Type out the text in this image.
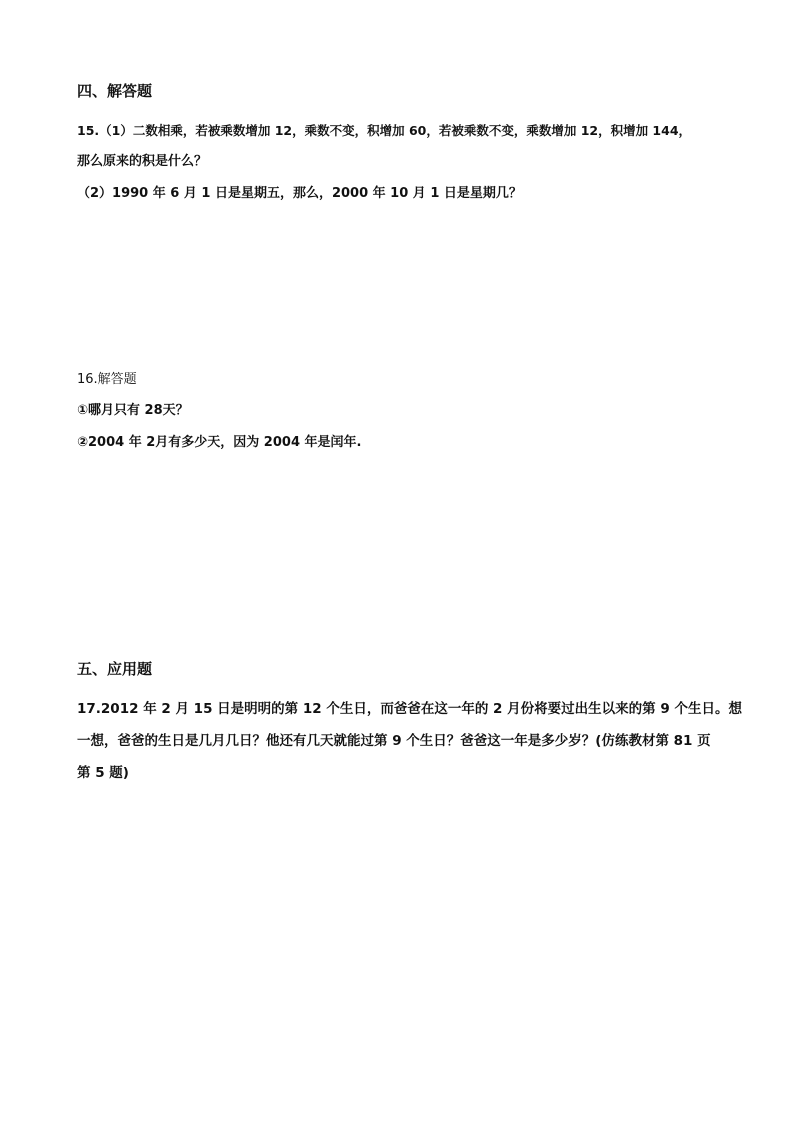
四、解答题
15.（1）二数相乘，若被乘数增加 12，乘数不变，积增加 60，若被乘数不变，乘数增加 12，积增加 144，
那么原来的积是什么？
（2）1990 年 6 月 1 日是星期五，那么，2000 年 10 月 1 日是星期几？
16.解答题
①哪月只有 28天？
②2004 年 2月有多少天，因为 2004 年是闰年.
五、应用题
17.2012 年 2 月 15 日是明明的第 12 个生日，而爸爸在这一年的 2 月份将要过出生以来的第 9 个生日。想
一想，爸爸的生日是几月几日？他还有几天就能过第 9 个生日？爸爸这一年是多少岁？(仿练教材第 81 页
第 5 题)
